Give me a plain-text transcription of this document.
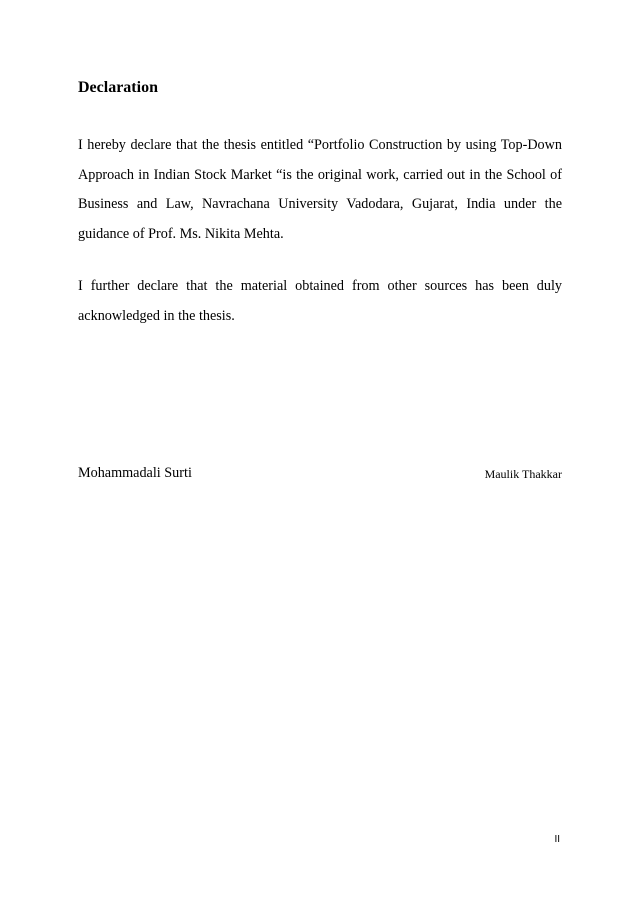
Declaration

I hereby declare that the thesis entitled “Portfolio Construction by using Top-Down Approach in Indian Stock Market “is the original work, carried out in the School of Business and Law, Navrachana University Vadodara, Gujarat, India under the guidance of Prof. Ms. Nikita Mehta.

I further declare that the material obtained from other sources has been duly acknowledged in the thesis.

Mohammadali Surti	Maulik Thakkar
II
